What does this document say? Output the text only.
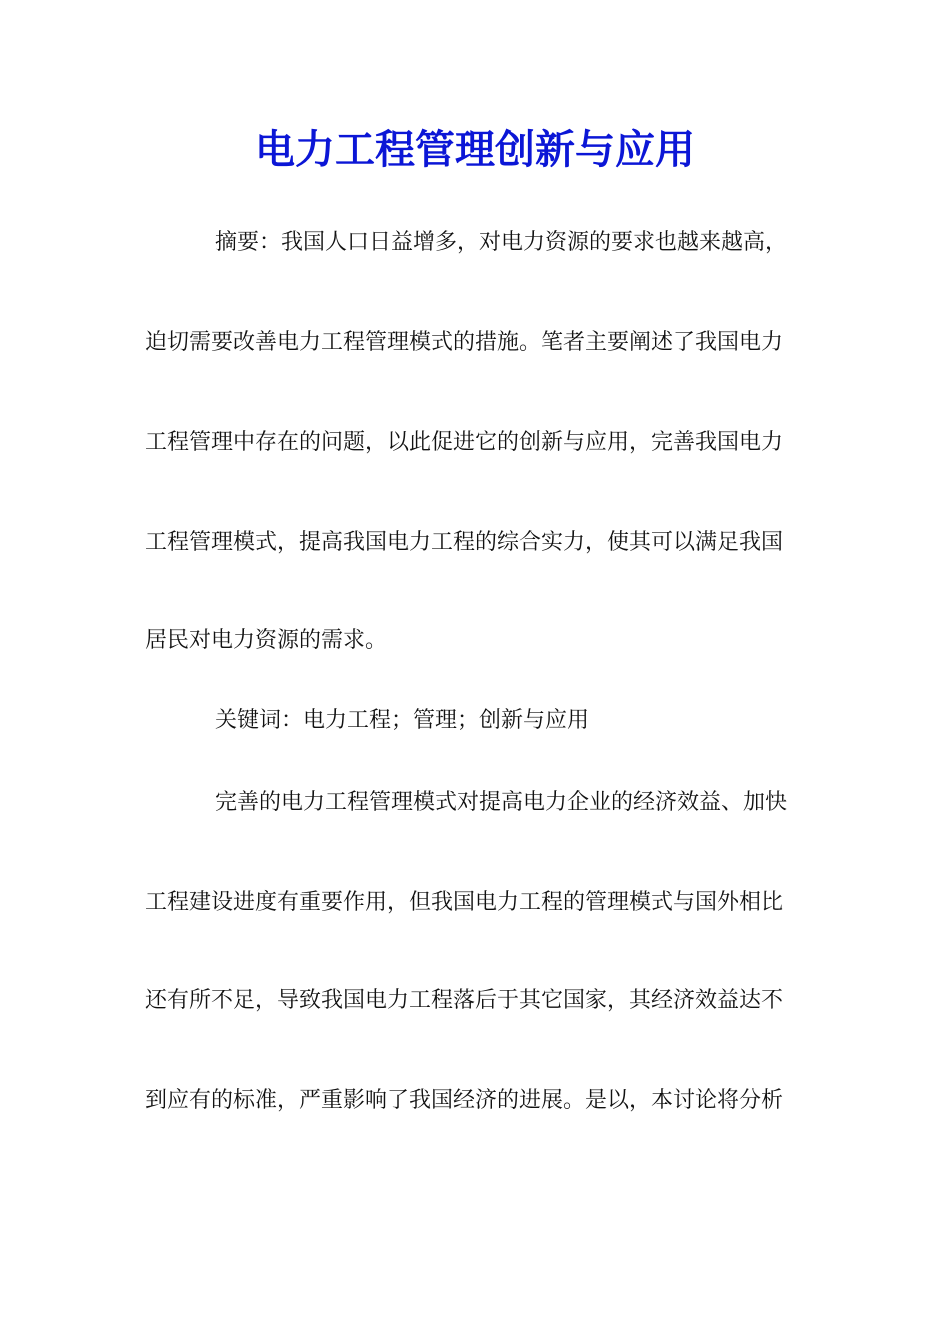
电力工程管理创新与应用

摘要：我国人口日益增多，对电力资源的要求也越来越高，

迫切需要改善电力工程管理模式的措施。笔者主要阐述了我国电力

工程管理中存在的问题，以此促进它的创新与应用，完善我国电力

工程管理模式，提高我国电力工程的综合实力，使其可以满足我国

居民对电力资源的需求。

关键词：电力工程；管理；创新与应用

完善的电力工程管理模式对提高电力企业的经济效益、加快

工程建设进度有重要作用，但我国电力工程的管理模式与国外相比

还有所不足，导致我国电力工程落后于其它国家，其经济效益达不

到应有的标准，严重影响了我国经济的进展。是以，本讨论将分析
